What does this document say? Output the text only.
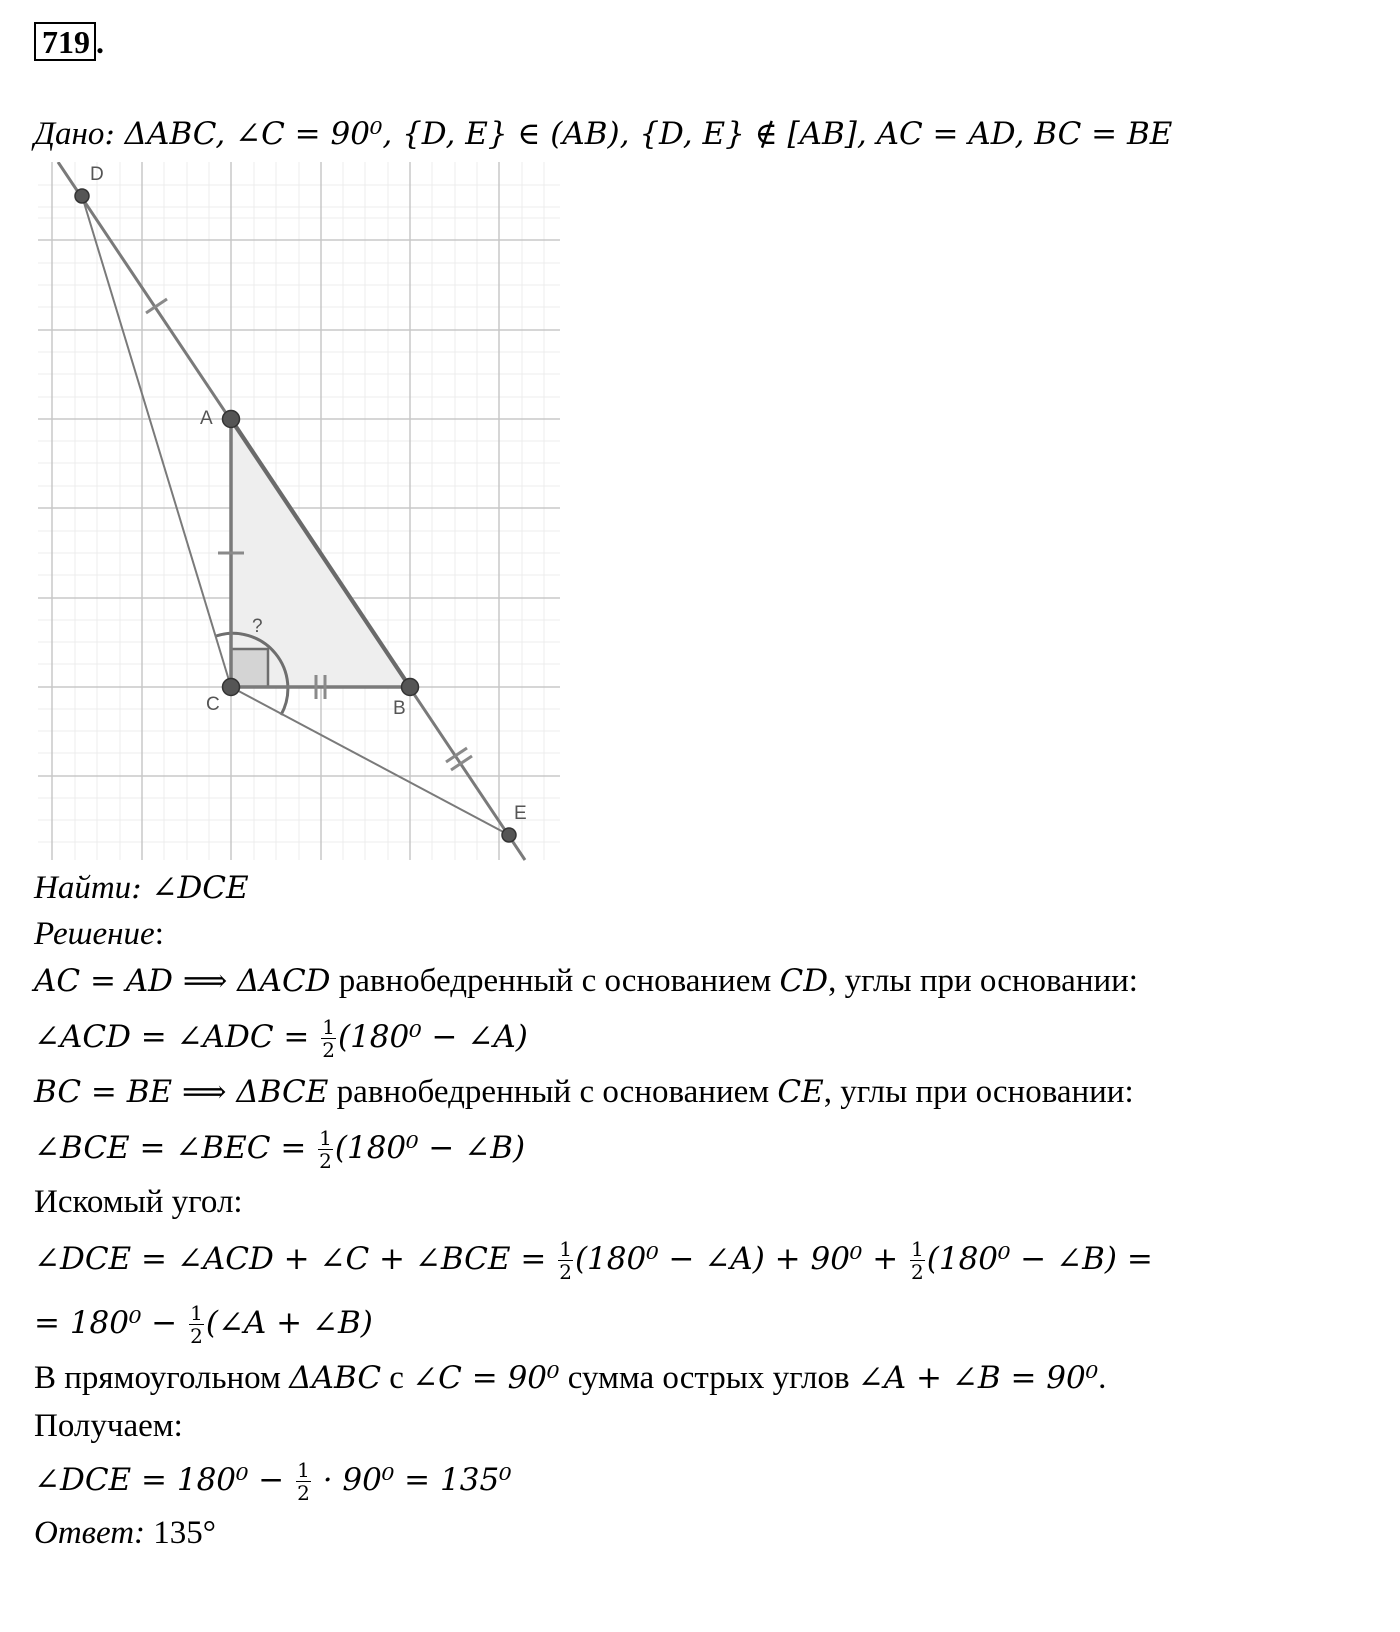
719 .
Дано: ΔABC, ∠C = 90⁰, {D, E} ∈ (AB), {D, E} ∉ [AB], AC = AD, BC = BE
D
A
C	B
E
?
Найти: ∠DCE
Решение:
AC = AD ⟹ ΔACD равнобедренный с основанием CD, углы при основании:
∠ACD = ∠ADC = $\frac{1}{2} (180^0$ − ∠A)
BC = BE ⟹ ΔBCE равнобедренный с основанием CE, углы при основании:
∠BCE = ∠BEC = $\frac{1}{2} (180^0$ − ∠B)
Искомый угол:
∠DCE = ∠ACD + ∠C + ∠BCE = $\frac{1}{2} (180^0$ − ∠A) + $90^0 + \frac{1}{2} (180^0$ − ∠B) =
= $180^0 - \frac{1}{2}$ (∠A + ∠B)
В прямоугольном ΔABC с ∠C = 90⁰ сумма острых углов ∠A + ∠B = 90⁰.
Получаем:
∠DCE = $180^0 - \frac{1}{2} \cdot 90^0 = 135^0$
Ответ: 135°
